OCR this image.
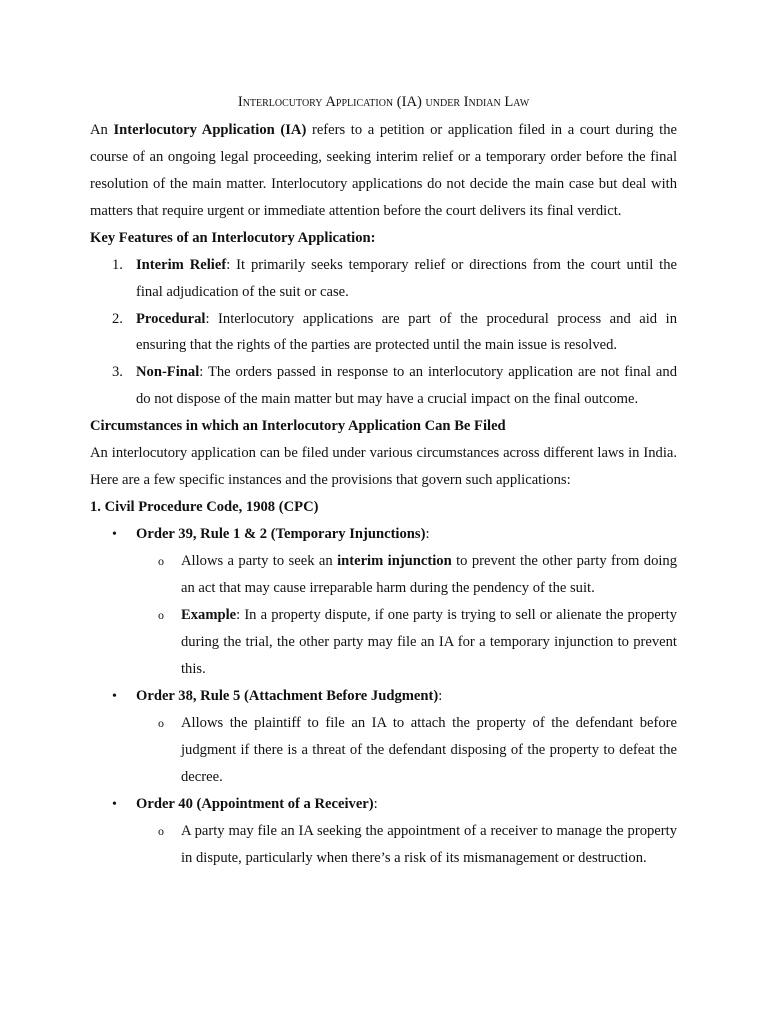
Interlocutory Application (IA) under Indian Law

An Interlocutory Application (IA) refers to a petition or application filed in a court during the course of an ongoing legal proceeding, seeking interim relief or a temporary order before the final resolution of the main matter. Interlocutory applications do not decide the main case but deal with matters that require urgent or immediate attention before the court delivers its final verdict.

Key Features of an Interlocutory Application:
1. Interim Relief: It primarily seeks temporary relief or directions from the court until the final adjudication of the suit or case.
2. Procedural: Interlocutory applications are part of the procedural process and aid in ensuring that the rights of the parties are protected until the main issue is resolved.
3. Non-Final: The orders passed in response to an interlocutory application are not final and do not dispose of the main matter but may have a crucial impact on the final outcome.
Circumstances in which an Interlocutory Application Can Be Filed

An interlocutory application can be filed under various circumstances across different laws in India. Here are a few specific instances and the provisions that govern such applications:

1. Civil Procedure Code, 1908 (CPC)
• Order 39, Rule 1 & 2 (Temporary Injunctions):
o Allows a party to seek an interim injunction to prevent the other party from doing an act that may cause irreparable harm during the pendency of the suit.
o Example: In a property dispute, if one party is trying to sell or alienate the property during the trial, the other party may file an IA for a temporary injunction to prevent this.
• Order 38, Rule 5 (Attachment Before Judgment):
o Allows the plaintiff to file an IA to attach the property of the defendant before judgment if there is a threat of the defendant disposing of the property to defeat the decree.
• Order 40 (Appointment of a Receiver):
o A party may file an IA seeking the appointment of a receiver to manage the property in dispute, particularly when there’s a risk of its mismanagement or destruction.
